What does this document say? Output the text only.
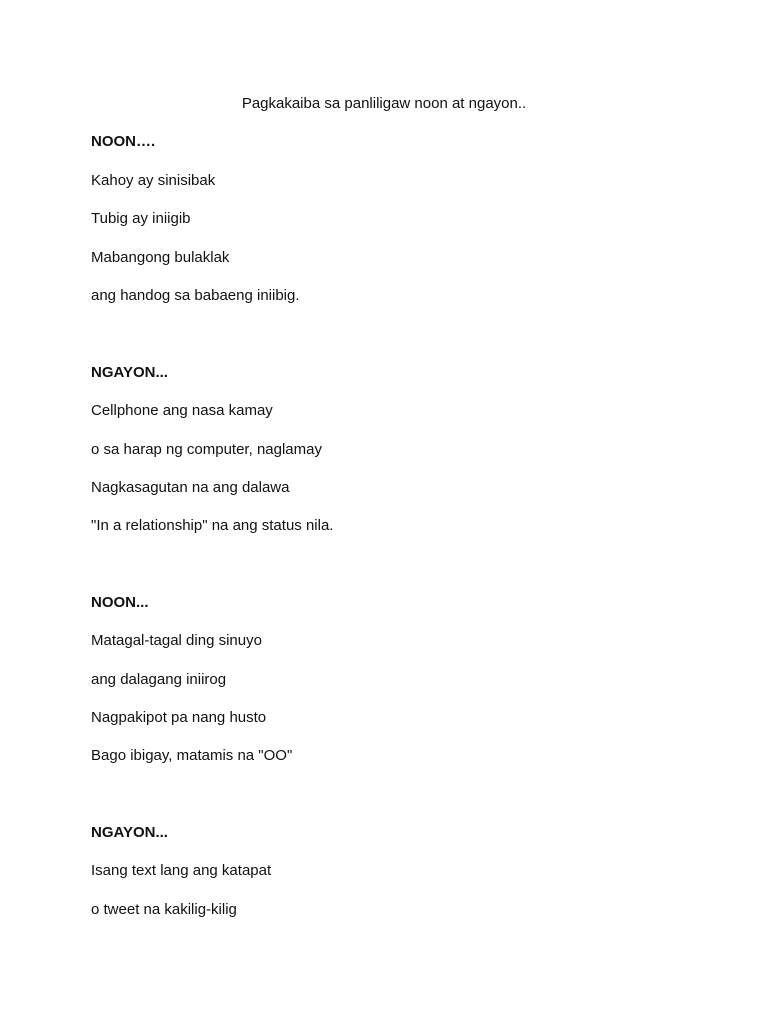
Pagkakaiba sa panliligaw noon at ngayon..
NOON….
Kahoy ay sinisibak
Tubig ay iniigib
Mabangong bulaklak
ang handog sa babaeng iniibig.
NGAYON...
Cellphone ang nasa kamay
o sa harap ng computer, naglamay
Nagkasagutan na ang dalawa
"In a relationship" na ang status nila.
NOON...
Matagal-tagal ding sinuyo
ang dalagang iniirog
Nagpakipot pa nang husto
Bago ibigay, matamis na "OO"
NGAYON...
Isang text lang ang katapat
o tweet na kakilig-kilig
